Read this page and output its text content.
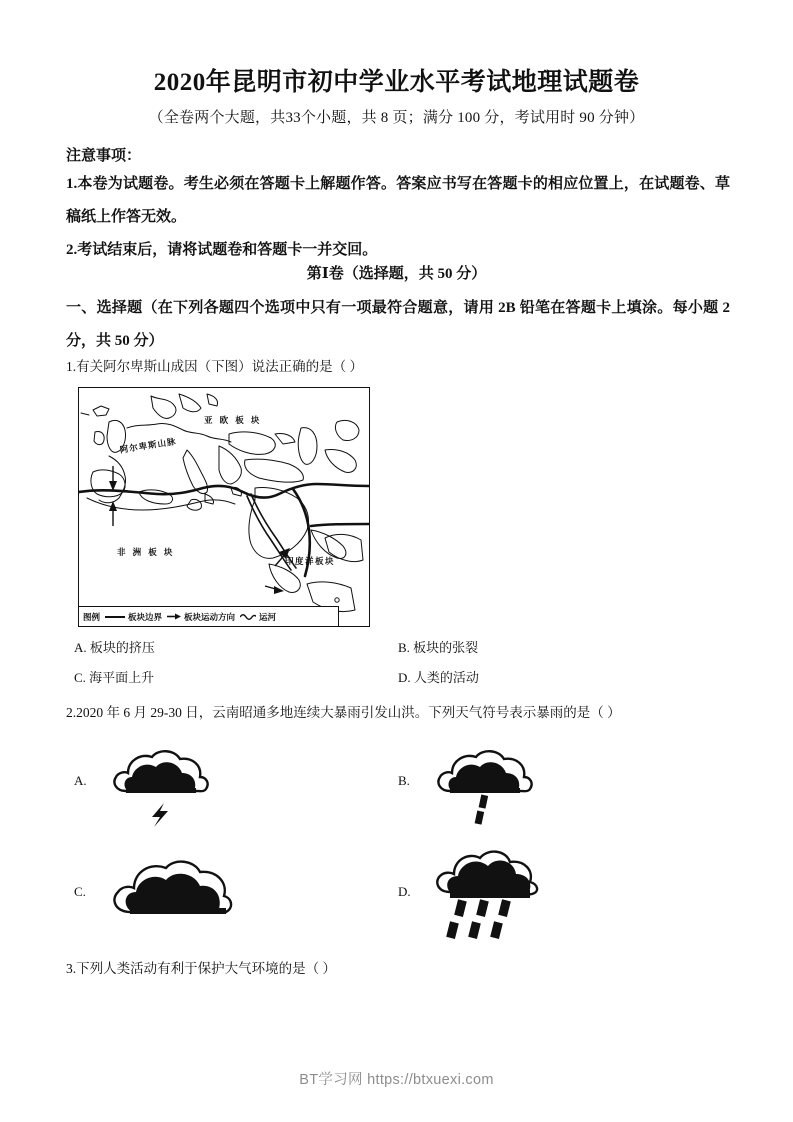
2020年昆明市初中学业水平考试地理试题卷
（全卷两个大题，共33个小题，共 8 页；满分 100 分，考试用时 90 分钟）
注意事项：
1.本卷为试题卷。考生必须在答题卡上解题作答。答案应书写在答题卡的相应位置上，在试题卷、草稿纸上作答无效。
2.考试结束后，请将试题卷和答题卡一并交回。
第Ⅰ卷（选择题，共 50 分）
一、选择题（在下列各题四个选项中只有一项最符合题意，请用 2B 铅笔在答题卡上填涂。每小题 2 分，共 50 分）
1.有关阿尔卑斯山成因（下图）说法正确的是（ ）
亚 欧 板 块
非 洲 板 块
印度洋板块
阿尔卑斯山脉
图例	板块边界	板块运动方向	运河
A. 板块的挤压	B. 板块的张裂
C. 海平面上升	D. 人类的活动
2.2020 年 6 月 29-30 日，云南昭通多地连续大暴雨引发山洪。下列天气符号表示暴雨的是（ ）
A.	B.
C.	D.
3.下列人类活动有利于保护大气环境的是（ ）
BT学习网 https://btxuexi.com
